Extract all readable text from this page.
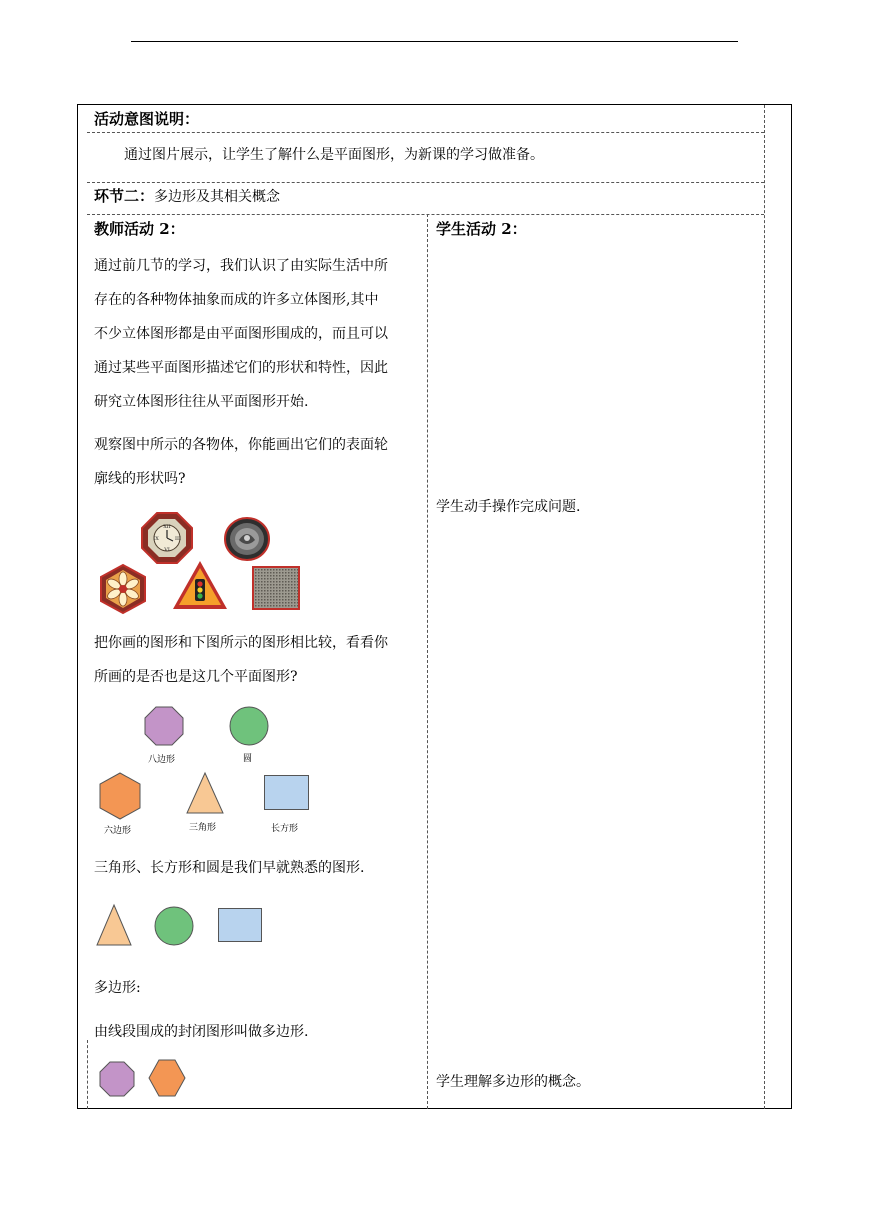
活动意图说明：
通过图片展示，让学生了解什么是平面图形，为新课的学习做准备。
环节二：多边形及其相关概念
教师活动 2：
通过前几节的学习，我们认识了由实际生活中所
存在的各种物体抽象而成的许多立体图形,其中
不少立体图形都是由平面图形围成的，而且可以
通过某些平面图形描述它们的形状和特性，因此
研究立体图形往往从平面图形开始.
观察图中所示的各物体，你能画出它们的表面轮
廓线的形状吗?
XII
III
VI
IX
把你画的图形和下图所示的图形相比较，看看你
所画的是否也是这几个平面图形?
八边形	圆
六边形	三角形	长方形
三角形、长方形和圆是我们早就熟悉的图形.
多边形:
由线段围成的封闭图形叫做多边形.
学生活动 2：
学生动手操作完成问题.
学生理解多边形的概念。
